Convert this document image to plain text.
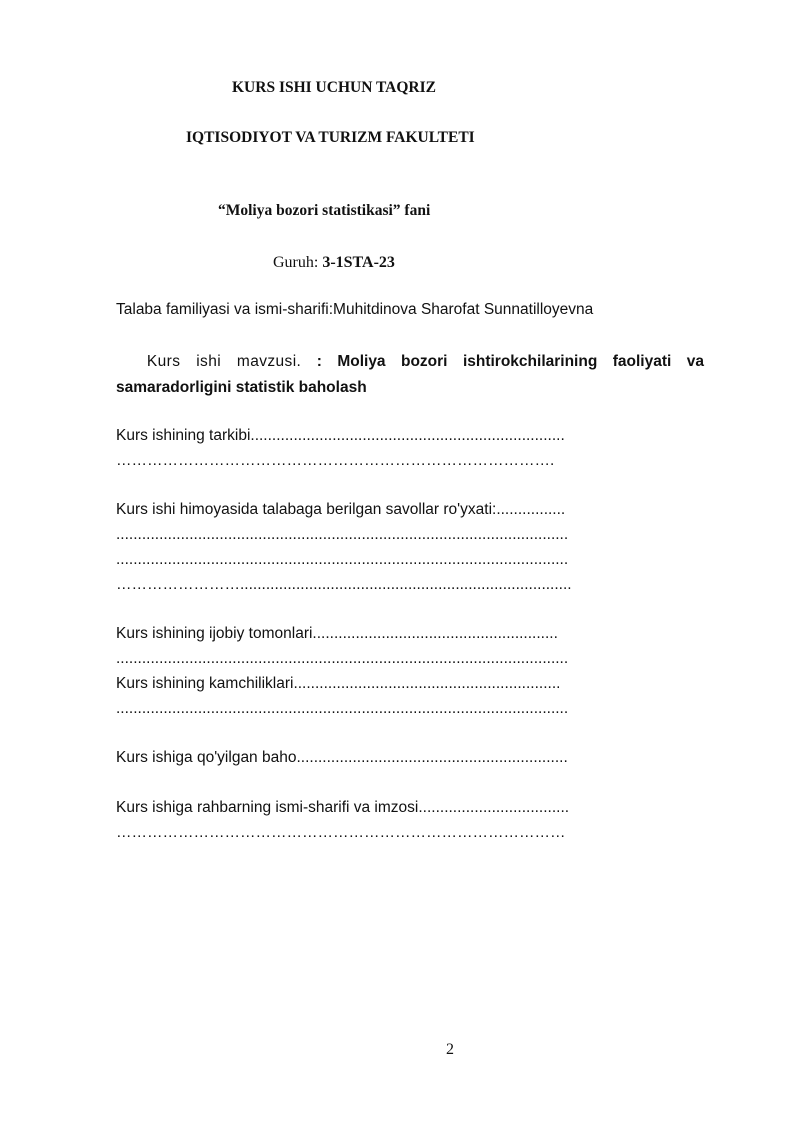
KURS ISHI UCHUN TAQRIZ
IQTISODIYOT VA TURIZM FAKULTETI
“Moliya bozori statistikasi” fani
Guruh: 3-1STA-23
Talaba familiyasi va ismi-sharifi:Muhitdinova Sharofat Sunnatilloyevna
Kurs ishi mavzusi. : Moliya bozori ishtirokchilarining faoliyati va samaradorligini statistik baholash
Kurs ishining tarkibi.........................................................................
………………………………………………………………………….
Kurs ishi himoyasida talabaga berilgan savollar ro'yxati:................
.........................................................................................................
.........................................................................................................
…………………….............................................................................
Kurs ishining ijobiy tomonlari.........................................................
.........................................................................................................
Kurs ishining kamchiliklari..............................................................
.........................................................................................................
Kurs ishiga qo'yilgan baho...............................................................
Kurs ishiga rahbarning ismi-sharifi va imzosi...................................
……………………………………………………………………………
2
